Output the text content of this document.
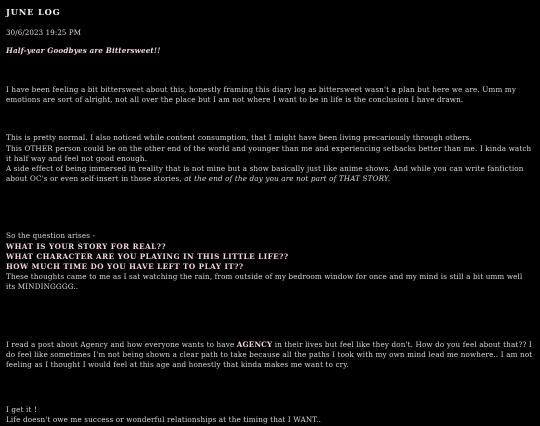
JUNE LOG
30/6/2023 19:25 PM
Half-year Goodbyes are Bittersweet!!

I have been feeling a bit bittersweet about this, honestly framing this diary log as bittersweet wasn't a plan but here we are. Umm my emotions are sort of alright, not all over the place but I am not where I want to be in life is the conclusion I have drawn.

This is pretty normal. I also noticed while content consumption, that I might have been living precariously through others.
This OTHER person could be on the other end of the world and younger than me and experiencing setbacks better than me. I kinda watch it half way and feel not good enough.
A side effect of being immersed in reality that is not mine but a show basically just like anime shows. And while you can write fanfiction about OC's or even self-insert in those stories, at the end of the day you are not part of THAT STORY.

So the question arises -
WHAT IS YOUR STORY FOR REAL??
WHAT CHARACTER ARE YOU PLAYING IN THIS LITTLE LIFE??
HOW MUCH TIME DO YOU HAVE LEFT TO PLAY IT??
These thoughts came to me as I sat watching the rain, from outside of my bedroom window for once and my mind is still a bit umm well its MINDINGGGG..

I read a post about Agency and how everyone wants to have AGENCY in their lives but feel like they don't. How do you feel about that?? I do feel like sometimes I'm not being shown a clear path to take because all the paths I took with my own mind lead me nowhere.. I am not feeling as I thought I would feel at this age and honestly that kinda makes me want to cry.

I get it !
Life doesn't owe me success or wonderful relationships at the timing that I WANT..
